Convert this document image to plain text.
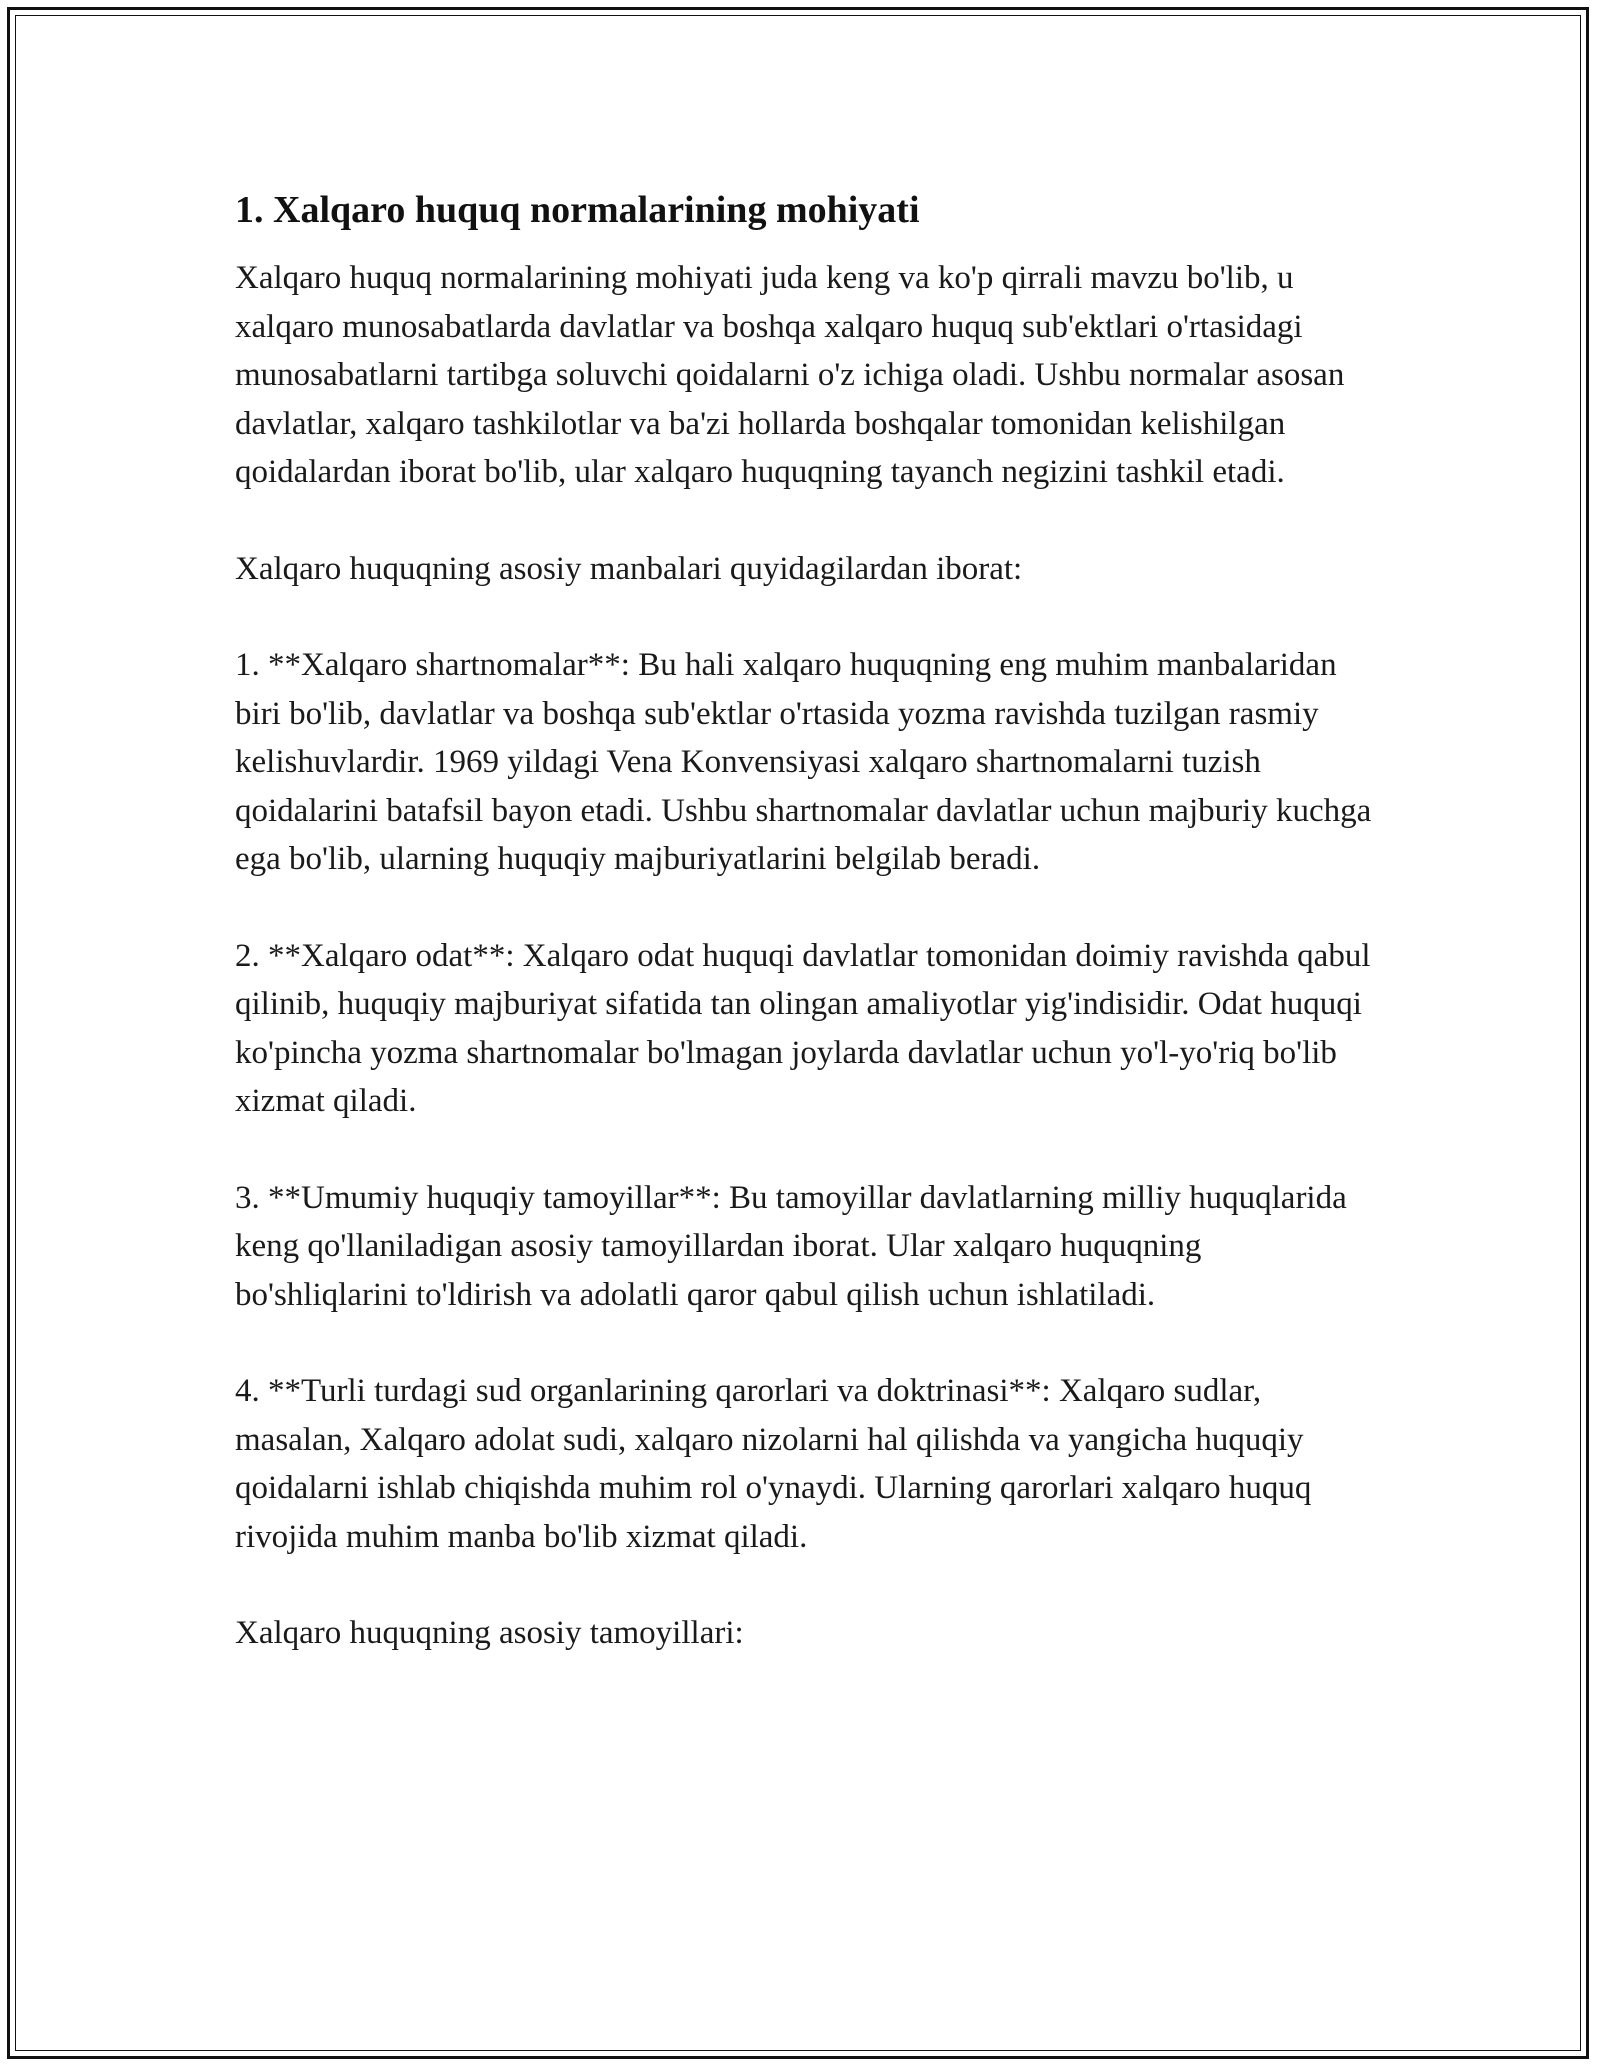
1. Xalqaro huquq normalarining mohiyati

Xalqaro huquq normalarining mohiyati juda keng va ko'p qirrali mavzu bo'lib, u xalqaro munosabatlarda davlatlar va boshqa xalqaro huquq sub'ektlari o'rtasidagi munosabatlarni tartibga soluvchi qoidalarni o'z ichiga oladi. Ushbu normalar asosan davlatlar, xalqaro tashkilotlar va ba'zi hollarda boshqalar tomonidan kelishilgan qoidalardan iborat bo'lib, ular xalqaro huquqning tayanch negizini tashkil etadi.

Xalqaro huquqning asosiy manbalari quyidagilardan iborat:

1. **Xalqaro shartnomalar**: Bu hali xalqaro huquqning eng muhim manbalaridan biri bo'lib, davlatlar va boshqa sub'ektlar o'rtasida yozma ravishda tuzilgan rasmiy kelishuvlardir. 1969 yildagi Vena Konvensiyasi xalqaro shartnomalarni tuzish qoidalarini batafsil bayon etadi. Ushbu shartnomalar davlatlar uchun majburiy kuchga ega bo'lib, ularning huquqiy majburiyatlarini belgilab beradi.

2. **Xalqaro odat**: Xalqaro odat huquqi davlatlar tomonidan doimiy ravishda qabul qilinib, huquqiy majburiyat sifatida tan olingan amaliyotlar yig'indisidir. Odat huquqi ko'pincha yozma shartnomalar bo'lmagan joylarda davlatlar uchun yo'l-yo'riq bo'lib xizmat qiladi.

3. **Umumiy huquqiy tamoyillar**: Bu tamoyillar davlatlarning milliy huquqlarida keng qo'llaniladigan asosiy tamoyillardan iborat. Ular xalqaro huquqning bo'shliqlarini to'ldirish va adolatli qaror qabul qilish uchun ishlatiladi.

4. **Turli turdagi sud organlarining qarorlari va doktrinasi**: Xalqaro sudlar, masalan, Xalqaro adolat sudi, xalqaro nizolarni hal qilishda va yangicha huquqiy qoidalarni ishlab chiqishda muhim rol o'ynaydi. Ularning qarorlari xalqaro huquq rivojida muhim manba bo'lib xizmat qiladi.

Xalqaro huquqning asosiy tamoyillari:
